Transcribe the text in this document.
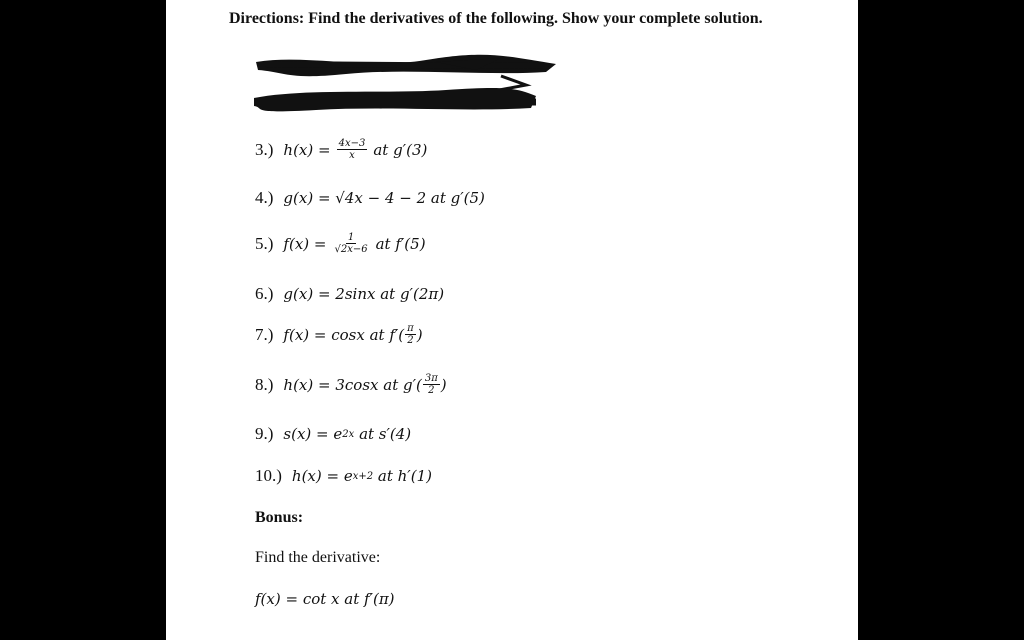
Directions: Find the derivatives of the following. Show your complete solution.
3.) $h(x) = \frac{4x-3}{x}$ at g′(3)
4.) g(x) = √4x − 4 − 2 at g′(5)
5.) $f(x) = \frac{1}{√2x-6}$ at f′(5)
6.) g(x) = 2sinx at g′(2π)
7.) f(x) = cosx at $f'( \frac{\pi}{2}$ )
8.) h(x) = 3cosx at $g'( \frac{3\pi}{2}$ )
9.) s(x) = e 2x
at s′(4)
10.) h(x) = e x+2
at h′(1)
Bonus:
Find the derivative:
f(x) = cot x at f′(π)
